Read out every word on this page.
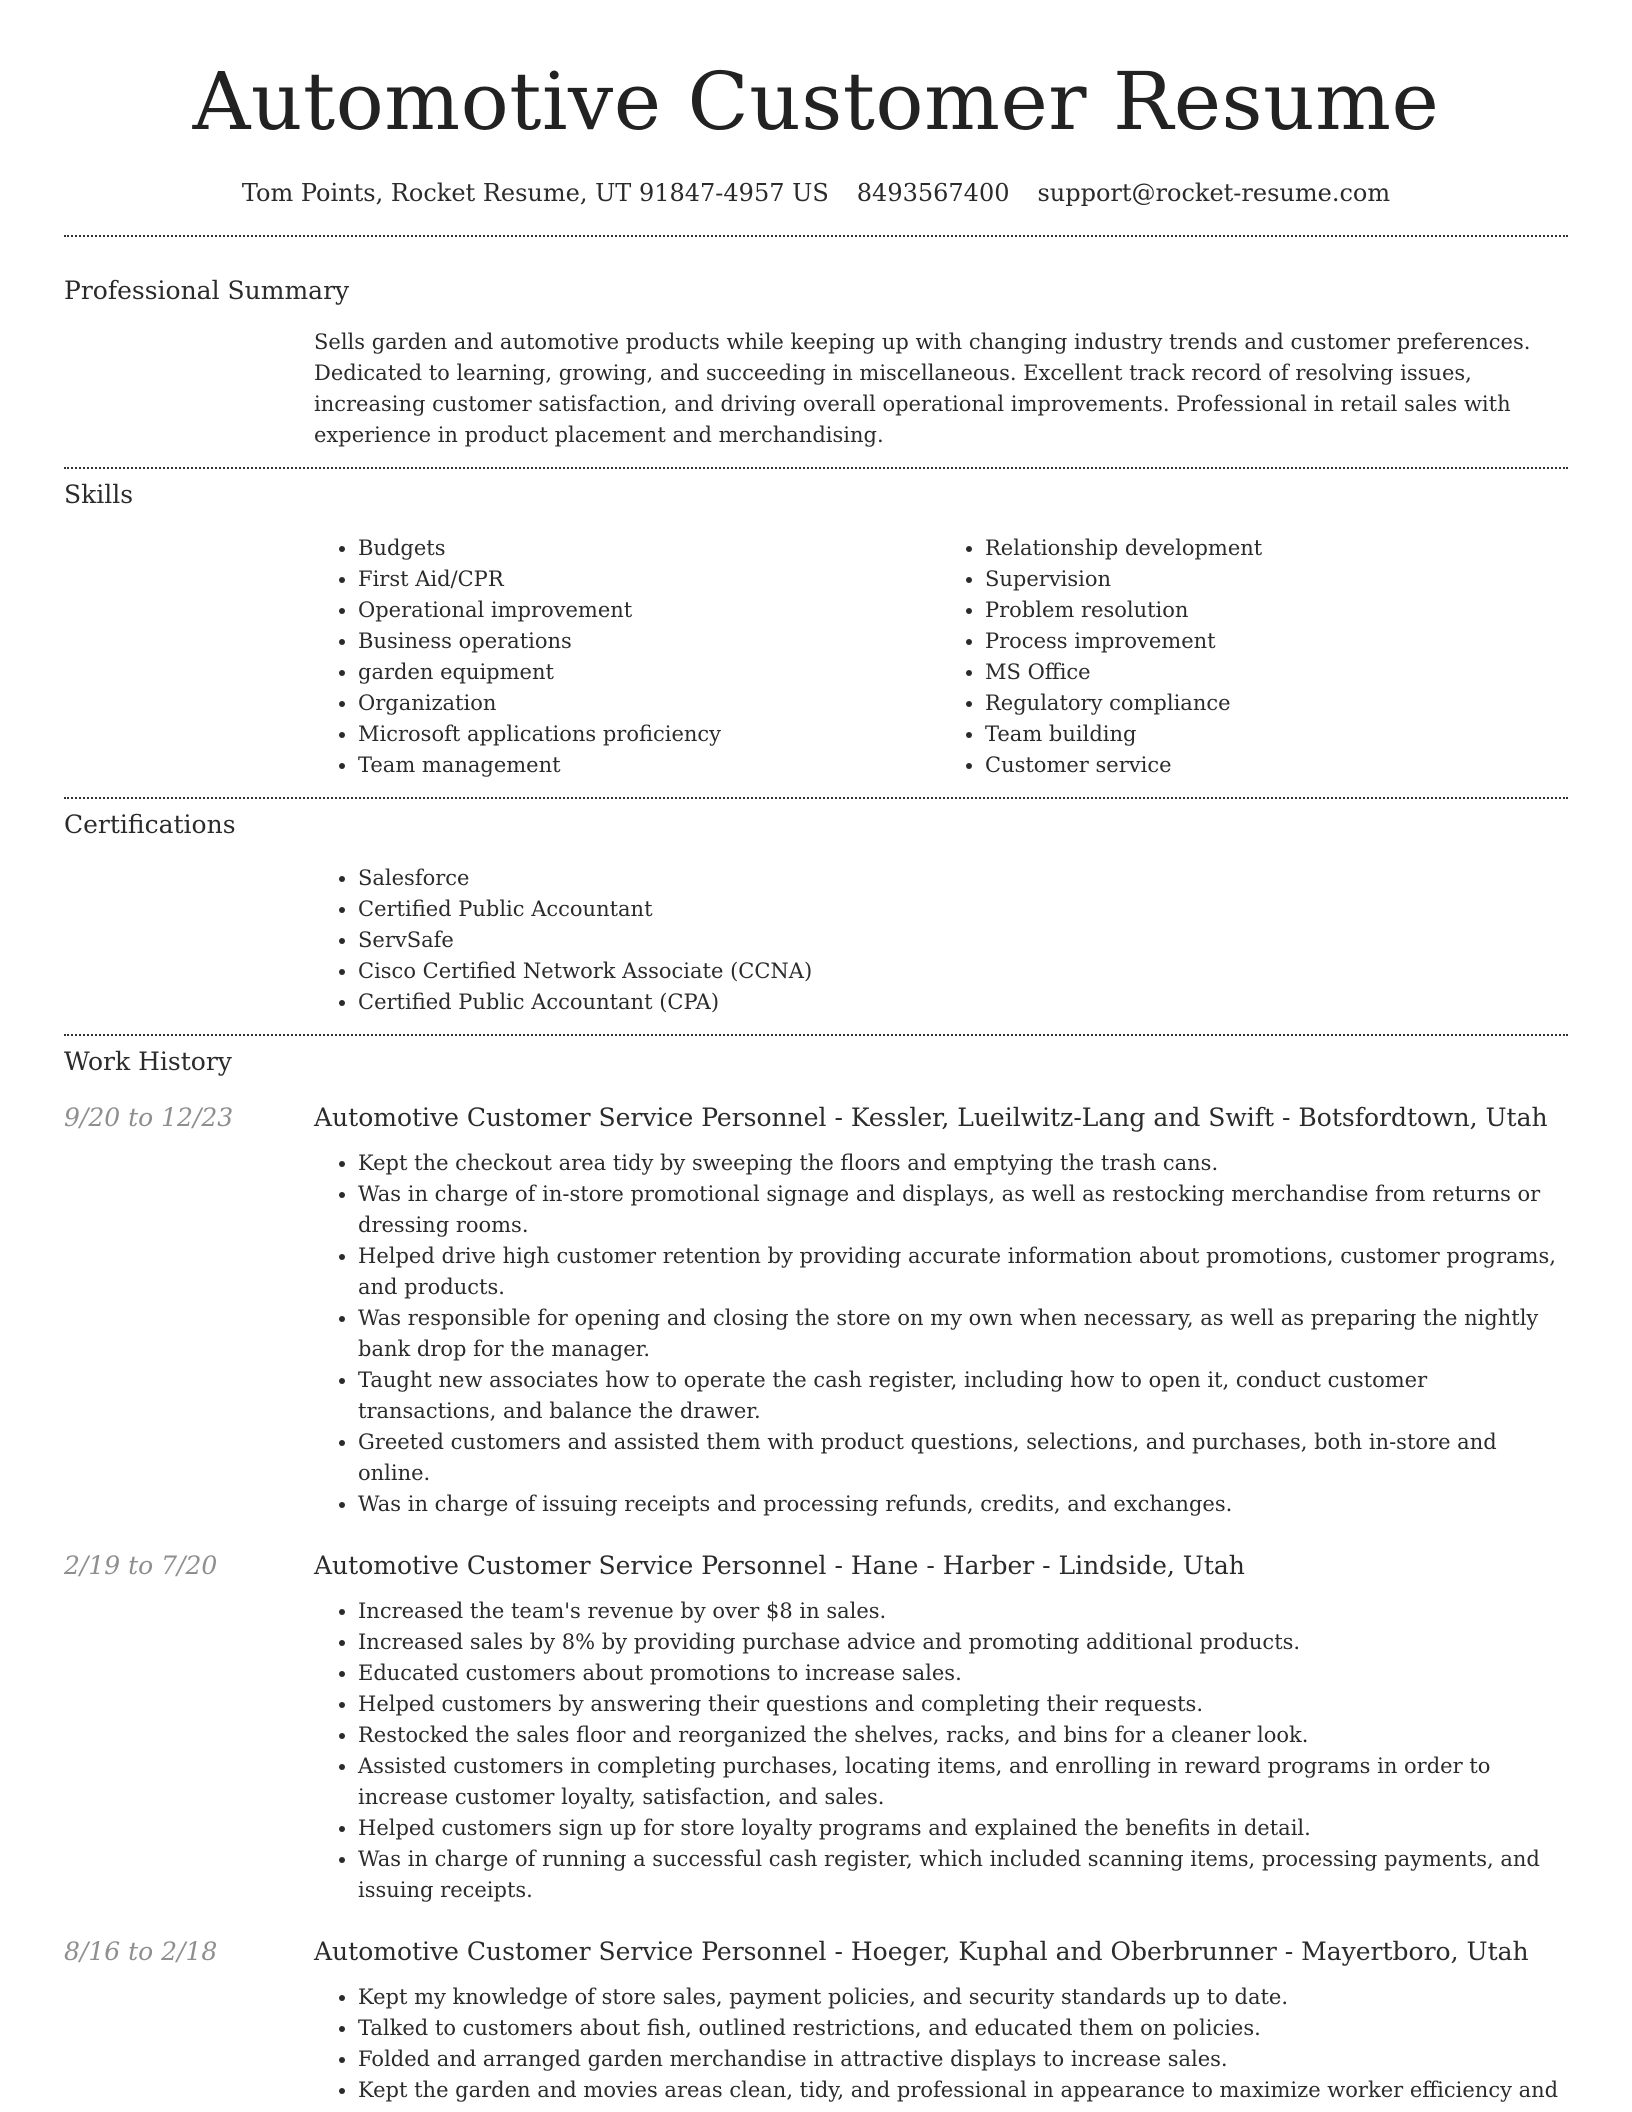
Automotive Customer Resume
Tom Points, Rocket Resume, UT 91847-4957 US 8493567400 support@rocket-resume.com
Professional Summary

Sells garden and automotive products while keeping up with changing industry trends and customer preferences. Dedicated to learning, growing, and succeeding in miscellaneous. Excellent track record of resolving issues, increasing customer satisfaction, and driving overall operational improvements. Professional in retail sales with experience in product placement and merchandising.

Skills
• Budgets
• First Aid/CPR
• Operational improvement
• Business operations
• garden equipment
• Organization
• Microsoft applications proficiency
• Team management
• Relationship development
• Supervision
• Problem resolution
• Process improvement
• MS Office
• Regulatory compliance
• Team building
• Customer service
Certifications
• Salesforce
• Certified Public Accountant
• ServSafe
• Cisco Certified Network Associate (CCNA)
• Certified Public Accountant (CPA)
Work History
9/20 to 12/23	Automotive Customer Service Personnel - Kessler, Lueilwitz-Lang and Swift - Botsfordtown, Utah
• Kept the checkout area tidy by sweeping the floors and emptying the trash cans.
• Was in charge of in-store promotional signage and displays, as well as restocking merchandise from returns or dressing rooms.
• Helped drive high customer retention by providing accurate information about promotions, customer programs, and products.
• Was responsible for opening and closing the store on my own when necessary, as well as preparing the nightly bank drop for the manager.
• Taught new associates how to operate the cash register, including how to open it, conduct customer transactions, and balance the drawer.
• Greeted customers and assisted them with product questions, selections, and purchases, both in-store and online.
• Was in charge of issuing receipts and processing refunds, credits, and exchanges.
2/19 to 7/20	Automotive Customer Service Personnel - Hane - Harber - Lindside, Utah
• Increased the team's revenue by over $8 in sales.
• Increased sales by 8% by providing purchase advice and promoting additional products.
• Educated customers about promotions to increase sales.
• Helped customers by answering their questions and completing their requests.
• Restocked the sales floor and reorganized the shelves, racks, and bins for a cleaner look.
• Assisted customers in completing purchases, locating items, and enrolling in reward programs in order to increase customer loyalty, satisfaction, and sales.
• Helped customers sign up for store loyalty programs and explained the benefits in detail.
• Was in charge of running a successful cash register, which included scanning items, processing payments, and issuing receipts.
8/16 to 2/18	Automotive Customer Service Personnel - Hoeger, Kuphal and Oberbrunner - Mayertboro, Utah
• Kept my knowledge of store sales, payment policies, and security standards up to date.
• Talked to customers about fish, outlined restrictions, and educated them on policies.
• Folded and arranged garden merchandise in attractive displays to increase sales.
• Kept the garden and movies areas clean, tidy, and professional in appearance to maximize worker efficiency and
